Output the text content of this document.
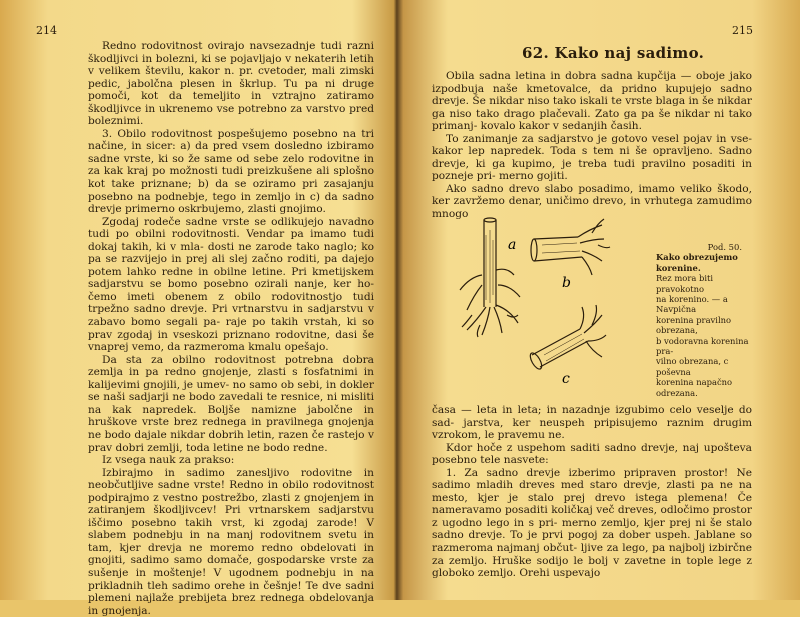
214

Redno rodovitnost ovirajo navsezadnje tudi razni škodljivci in bolezni, ki se pojavljajo v nekaterih letih v velikem številu, kakor n. pr. cvetoder, mali zimski pedic, jabolčna plesen in škrlup. Tu pa ni druge pomoči, kot da temeljito in vztrajno zatiramo škodljivce in ukrenemo vse potrebno za varstvo pred boleznimi.

3. Obilo rodovitnost pospešujemo posebno na tri načine, in sicer: a) da pred vsem dosledno izbiramo sadne vrste, ki so že same od sebe zelo rodovitne in za kak kraj po možnosti tudi preizkušene ali splošno kot take priznane; b) da se oziramo pri zasajanju posebno na podnebje, tego in zemljo in c) da sadno drevje primerno oskrbujemo, zlasti gnojimo.

Zgodaj rodeče sadne vrste se odlikujejo navadno tudi po obilni rodovitnosti. Vendar pa imamo tudi dokaj takih, ki v mla- dosti ne zarode tako naglo; ko pa se razvijejo in prej ali slej začno roditi, pa dajejo potem lahko redne in obilne letine. Pri kmetijskem sadjarstvu se bomo posebno ozirali nanje, ker ho- čemo imeti obenem z obilo rodovitnostjo tudi trpežno sadno drevje. Pri vrtnarstvu in sadjarstvu v zabavo bomo segali pa- raje po takih vrstah, ki so prav zgodaj in vseskozi priznano rodovitne, dasi še vnaprej vemo, da razmeroma kmalu opešajo.

Da sta za obilno rodovitnost potrebna dobra zemlja in pa redno gnojenje, zlasti s fosfatnimi in kalijevimi gnojili, je umev- no samo ob sebi, in dokler se naši sadjarji ne bodo zavedali te resnice, ni misliti na kak napredek. Boljše namizne jabolčne in hruškove vrste brez rednega in pravilnega gnojenja ne bodo dajale nikdar dobrih letin, razen če rastejo v prav dobri zemlji, toda letine ne bodo redne.

Iz vsega nauk za prakso:

Izbirajmo in sadimo zanesljivo rodovitne in neobčutljive sadne vrste! Redno in obilo rodovitnost podpirajmo z vestno postrežbo, zlasti z gnojenjem in zatiranjem škodljivcev! Pri vrtnarskem sadjarstvu iščimo posebno takih vrst, ki zgodaj zarode! V slabem podnebju in na manj rodovitnem svetu in tam, kjer drevja ne moremo redno obdelovati in gnojiti, sadimo samo domače, gospodarske vrste za sušenje in moštenje! V ugodnem podnebju in na prikladnih tleh sadimo orehe in češnje! Te dve sadni plemeni najlaže prebijeta brez rednega obdelovanja in gnojenja.

215
62. Kako naj sadimo.

Obila sadna letina in dobra sadna kupčija — oboje jako izpodbuja naše kmetovalce, da pridno kupujejo sadno drevje. Še nikdar niso tako iskali te vrste blaga in še nikdar ga niso tako drago plačevali. Zato ga pa še nikdar ni tako primanj- kovalo kakor v sedanjih časih.

To zanimanje za sadjarstvo je gotovo vesel pojav in vse- kakor lep napredek. Toda s tem ni še opravljeno. Sadno drevje, ki ga kupimo, je treba tudi pravilno posaditi in pozneje pri- merno gojiti.

Ako sadno drevo slabo posadimo, imamo veliko škodo, ker zavržemo denar, uničimo drevo, in vrhutega zamudimo mnogo

a
b
c
Pod. 50.
Kako obrezujemo korenine.
Rez mora biti pravokotno
na korenino. — a Navpična
korenina pravilno obrezana,
b vodoravna korenina pra-
vilno obrezana, c poševna
korenina napačno odrezana.

časa — leta in leta; in nazadnje izgubimo celo veselje do sad- jarstva, ker neuspeh pripisujemo raznim drugim vzrokom, le pravemu ne.

Kdor hoče z uspehom saditi sadno drevje, naj upošteva posebno tele nasvete:

1. Za sadno drevje izberimo pripraven prostor! Ne sadimo mladih dreves med staro drevje, zlasti pa ne na mesto, kjer je stalo prej drevo istega plemena! Če nameravamo posaditi količkaj več dreves, odločimo prostor z ugodno lego in s pri- merno zemljo, kjer prej ni še stalo sadno drevje. To je prvi pogoj za dober uspeh. Jablane so razmeroma najmanj občut- ljive za lego, pa najbolj izbirčne za zemljo. Hruške sodijo le bolj v zavetne in tople lege z globoko zemljo. Orehi uspevajo
